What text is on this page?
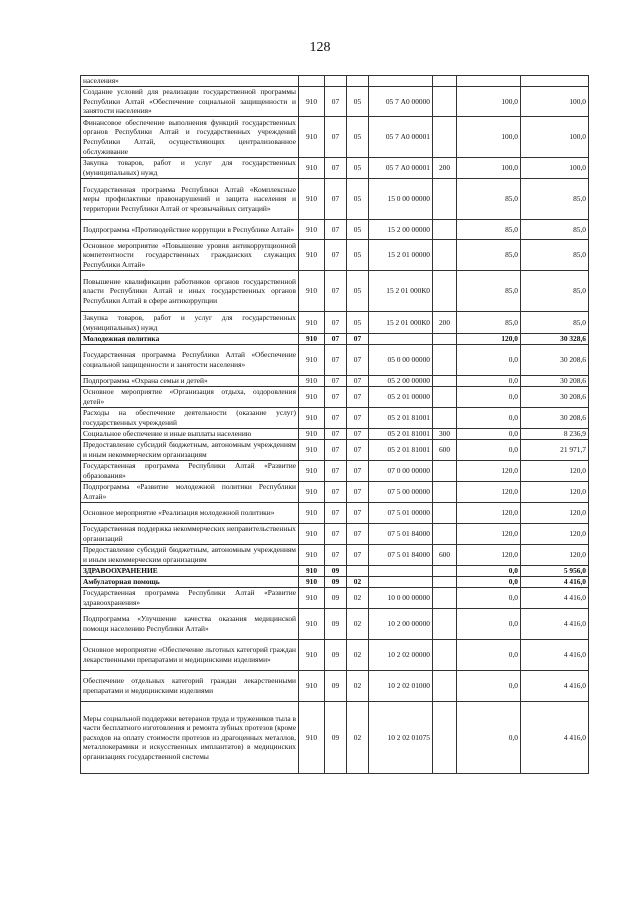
128
населения»							
Создание условий для реализации государственной программы Республики Алтай «Обеспечение социальной защищенности и занятости населения»	910	07	05	05 7 А0 00000		100,0	100,0
Финансовое обеспечение выполнения функций государственных органов Республики Алтай и государственных учреждений Республики Алтай, осуществляющих централизованное обслуживание	910	07	05	05 7 А0 00001		100,0	100,0
Закупка товаров, работ и услуг для государственных (муниципальных) нужд	910	07	05	05 7 А0 00001	200	100,0	100,0
Государственная программа Республики Алтай «Комплексные меры профилактики правонарушений и защита населения и территории Республики Алтай от чрезвычайных ситуаций»	910	07	05	15 0 00 00000		85,0	85,0
Подпрограмма «Противодействие коррупции в Республике Алтай»	910	07	05	15 2 00 00000		85,0	85,0
Основное мероприятие «Повышение уровня антикоррупционной компетентности государственных гражданских служащих Республики Алтай»	910	07	05	15 2 01 00000		85,0	85,0
Повышение квалификации работников органов государственной власти Республики Алтай и иных государственных органов Республики Алтай в сфере антикоррупции	910	07	05	15 2 01 000К0		85,0	85,0
Закупка товаров, работ и услуг для государственных (муниципальных) нужд	910	07	05	15 2 01 000К0	200	85,0	85,0
Молодежная политика	910	07	07			120,0	30 328,6
Государственная программа Республики Алтай «Обеспечение социальной защищенности и занятости населения»	910	07	07	05 0 00 00000		0,0	30 208,6
Подпрограмма «Охрана семьи и детей»	910	07	07	05 2 00 00000		0,0	30 208,6
Основное мероприятие «Организация отдыха, оздоровления детей»	910	07	07	05 2 01 00000		0,0	30 208,6
Расходы на обеспечение деятельности (оказание услуг) государственных учреждений	910	07	07	05 2 01 81001		0,0	30 208,6
Социальное обеспечение и иные выплаты населению	910	07	07	05 2 01 81001	300	0,0	8 236,9
Предоставление субсидий бюджетным, автономным учреждениям и иным некоммерческим организациям	910	07	07	05 2 01 81001	600	0,0	21 971,7
Государственная программа Республики Алтай «Развитие образования»	910	07	07	07 0 00 00000		120,0	120,0
Подпрограмма «Развитие молодежной политики Республики Алтай»	910	07	07	07 5 00 00000		120,0	120,0
Основное мероприятие «Реализация молодежной политики»	910	07	07	07 5 01 00000		120,0	120,0
Государственная поддержка некоммерческих неправительственных организаций	910	07	07	07 5 01 84000		120,0	120,0
Предоставление субсидий бюджетным, автономным учреждениям и иным некоммерческим организациям	910	07	07	07 5 01 84000	600	120,0	120,0
ЗДРАВООХРАНЕНИЕ	910	09				0,0	5 956,0
Амбулаторная помощь	910	09	02			0,0	4 416,0
Государственная программа Республики Алтай «Развитие здравоохранения»	910	09	02	10 0 00 00000		0,0	4 416,0
Подпрограмма «Улучшение качества оказания медицинской помощи населению Республики Алтай»	910	09	02	10 2 00 00000		0,0	4 416,0
Основное мероприятие «Обеспечение льготных категорий граждан лекарственными препаратами и медицинскими изделиями»	910	09	02	10 2 02 00000		0,0	4 416,0
Обеспечение отдельных категорий граждан лекарственными препаратами и медицинскими изделиями	910	09	02	10 2 02 01000		0,0	4 416,0
Меры социальной поддержки ветеранов труда и тружеников тыла в части бесплатного изготовления и ремонта зубных протезов (кроме расходов на оплату стоимости протезов из драгоценных металлов, металлокерамики и искусственных имплантатов) в медицинских организациях государственной системы	910	09	02	10 2 02 01075		0,0	4 416,0
